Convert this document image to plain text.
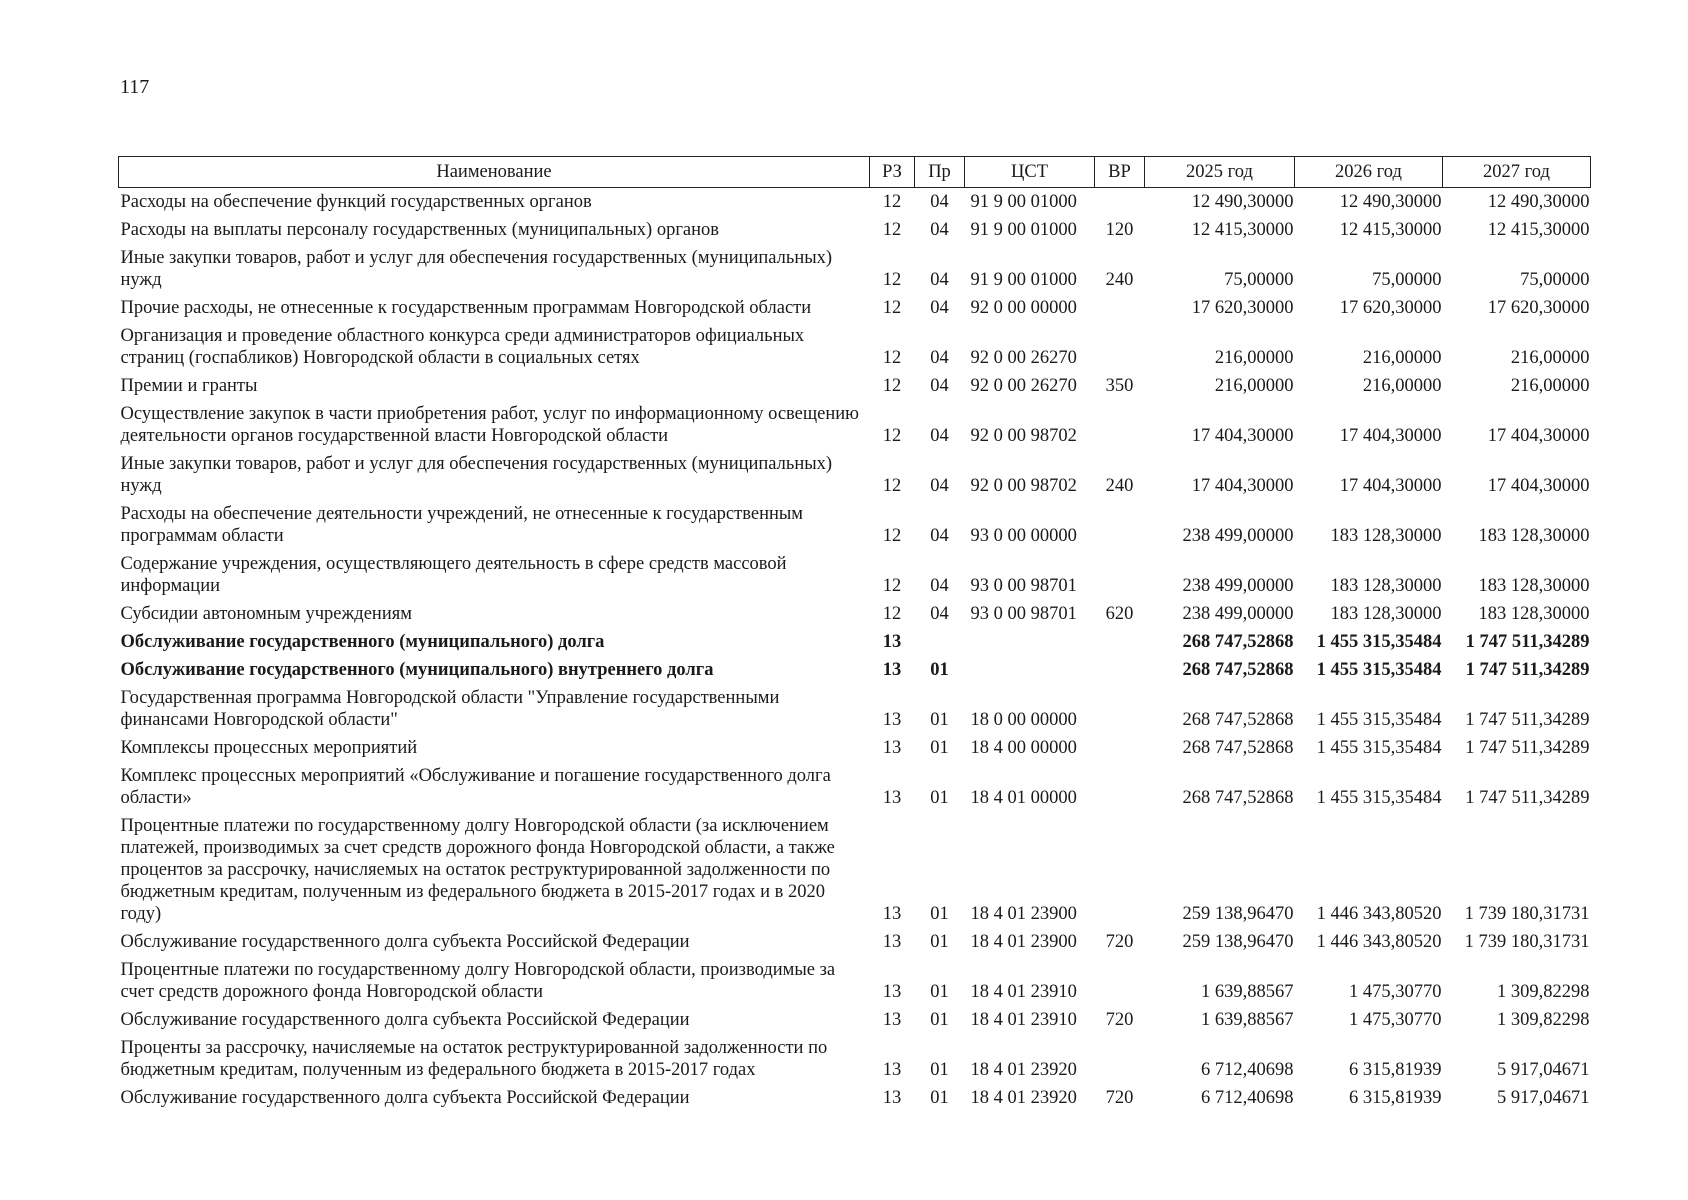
117
Наименование	РЗ	Пр	ЦСТ	ВР	2025 год	2026 год	2027 год
Расходы на обеспечение функций государственных органов	12	04	91 9 00 01000		12 490,30000	12 490,30000	12 490,30000
Расходы на выплаты персоналу государственных (муниципальных) органов	12	04	91 9 00 01000	120	12 415,30000	12 415,30000	12 415,30000
Иные закупки товаров, работ и услуг для обеспечения государственных (муниципальных) нужд	12	04	91 9 00 01000	240	75,00000	75,00000	75,00000
Прочие расходы, не отнесенные к государственным программам Новгородской области	12	04	92 0 00 00000		17 620,30000	17 620,30000	17 620,30000
Организация и проведение областного конкурса среди администраторов официальных страниц (госпабликов) Новгородской области в социальных сетях	12	04	92 0 00 26270		216,00000	216,00000	216,00000
Премии и гранты	12	04	92 0 00 26270	350	216,00000	216,00000	216,00000
Осуществление закупок в части приобретения работ, услуг по информационному освещению деятельности органов государственной власти Новгородской области	12	04	92 0 00 98702		17 404,30000	17 404,30000	17 404,30000
Иные закупки товаров, работ и услуг для обеспечения государственных (муниципальных) нужд	12	04	92 0 00 98702	240	17 404,30000	17 404,30000	17 404,30000
Расходы на обеспечение деятельности учреждений, не отнесенные к государственным программам области	12	04	93 0 00 00000		238 499,00000	183 128,30000	183 128,30000
Содержание учреждения, осуществляющего деятельность в сфере средств массовой информации	12	04	93 0 00 98701		238 499,00000	183 128,30000	183 128,30000
Субсидии автономным учреждениям	12	04	93 0 00 98701	620	238 499,00000	183 128,30000	183 128,30000
Обслуживание государственного (муниципального) долга	13				268 747,52868	1 455 315,35484	1 747 511,34289
Обслуживание государственного (муниципального) внутреннего долга	13	01			268 747,52868	1 455 315,35484	1 747 511,34289
Государственная программа Новгородской области "Управление государственными финансами Новгородской области"	13	01	18 0 00 00000		268 747,52868	1 455 315,35484	1 747 511,34289
Комплексы процессных мероприятий	13	01	18 4 00 00000		268 747,52868	1 455 315,35484	1 747 511,34289
Комплекс процессных мероприятий «Обслуживание и погашение государственного долга области»	13	01	18 4 01 00000		268 747,52868	1 455 315,35484	1 747 511,34289
Процентные платежи по государственному долгу Новгородской области (за исключением платежей, производимых за счет средств дорожного фонда Новгородской области, а также процентов за рассрочку, начисляемых на остаток реструктурированной задолженности по бюджетным кредитам, полученным из федерального бюджета в 2015-2017 годах и в 2020 году)	13	01	18 4 01 23900		259 138,96470	1 446 343,80520	1 739 180,31731
Обслуживание государственного долга субъекта Российской Федерации	13	01	18 4 01 23900	720	259 138,96470	1 446 343,80520	1 739 180,31731
Процентные платежи по государственному долгу Новгородской области, производимые за счет средств дорожного фонда Новгородской области	13	01	18 4 01 23910		1 639,88567	1 475,30770	1 309,82298
Обслуживание государственного долга субъекта Российской Федерации	13	01	18 4 01 23910	720	1 639,88567	1 475,30770	1 309,82298
Проценты за рассрочку, начисляемые на остаток реструктурированной задолженности по бюджетным кредитам, полученным из федерального бюджета в 2015-2017 годах	13	01	18 4 01 23920		6 712,40698	6 315,81939	5 917,04671
Обслуживание государственного долга субъекта Российской Федерации	13	01	18 4 01 23920	720	6 712,40698	6 315,81939	5 917,04671
